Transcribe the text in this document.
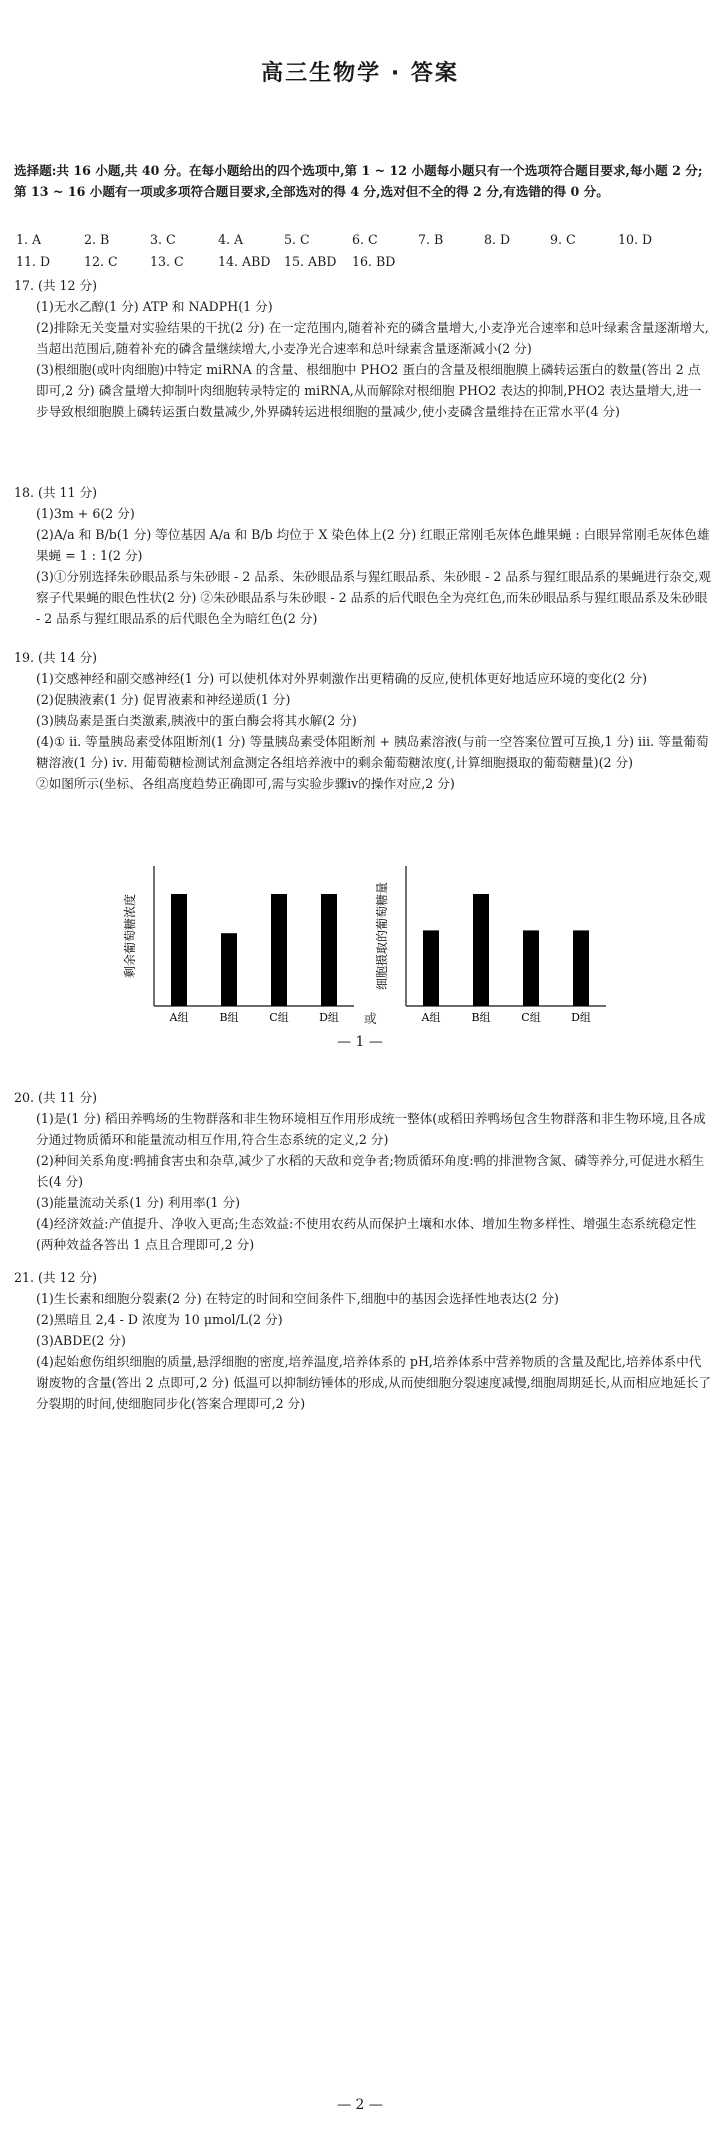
高三生物学 · 答案
选择题:共 16 小题,共 40 分。在每小题给出的四个选项中,第 1 ~ 12 小题每小题只有一个选项符合题目要求,每小题 2 分;第 13 ~ 16 小题有一项或多项符合题目要求,全部选对的得 4 分,选对但不全的得 2 分,有选错的得 0 分。
1. A	2. B	3. C	4. A	5. C	6. C	7. B	8. D	9. C	10. D
11. D	12. C	13. C	14. ABD 15. ABD 16. BD

17. (共 12 分)

(1)无水乙醇(1 分) ATP 和 NADPH(1 分)

(2)排除无关变量对实验结果的干扰(2 分) 在一定范围内,随着补充的磷含量增大,小麦净光合速率和总叶绿素含量逐渐增大,当超出范围后,随着补充的磷含量继续增大,小麦净光合速率和总叶绿素含量逐渐减小(2 分)

(3)根细胞(或叶肉细胞)中特定 miRNA 的含量、根细胞中 PHO2 蛋白的含量及根细胞膜上磷转运蛋白的数量(答出 2 点即可,2 分) 磷含量增大抑制叶肉细胞转录特定的 miRNA,从而解除对根细胞 PHO2 表达的抑制,PHO2 表达量增大,进一步导致根细胞膜上磷转运蛋白数量减少,外界磷转运进根细胞的量减少,使小麦磷含量维持在正常水平(4 分)

18. (共 11 分)

(1)3m + 6(2 分)

(2)A/a 和 B/b(1 分) 等位基因 A/a 和 B/b 均位于 X 染色体上(2 分) 红眼正常刚毛灰体色雌果蝇 : 白眼异常刚毛灰体色雄果蝇 = 1 : 1(2 分)

(3)①分别选择朱砂眼品系与朱砂眼 - 2 品系、朱砂眼品系与猩红眼品系、朱砂眼 - 2 品系与猩红眼品系的果蝇进行杂交,观察子代果蝇的眼色性状(2 分) ②朱砂眼品系与朱砂眼 - 2 品系的后代眼色全为亮红色,而朱砂眼品系与猩红眼品系及朱砂眼 - 2 品系与猩红眼品系的后代眼色全为暗红色(2 分)

19. (共 14 分)

(1)交感神经和副交感神经(1 分) 可以使机体对外界刺激作出更精确的反应,使机体更好地适应环境的变化(2 分)

(2)促胰液素(1 分) 促胃液素和神经递质(1 分)

(3)胰岛素是蛋白类激素,胰液中的蛋白酶会将其水解(2 分)

(4)① ⅱ. 等量胰岛素受体阻断剂(1 分) 等量胰岛素受体阻断剂 + 胰岛素溶液(与前一空答案位置可互换,1 分) ⅲ. 等量葡萄糖溶液(1 分) ⅳ. 用葡萄糖检测试剂盒测定各组培养液中的剩余葡萄糖浓度(,计算细胞摄取的葡萄糖量)(2 分)

②如图所示(坐标、各组高度趋势正确即可,需与实验步骤ⅳ的操作对应,2 分)

剩余葡萄糖浓度
A组	B组	C组	D组
细胞摄取的葡萄糖量
A组	B组	C组	D组
或
— 1 —

20. (共 11 分)

(1)是(1 分) 稻田养鸭场的生物群落和非生物环境相互作用形成统一整体(或稻田养鸭场包含生物群落和非生物环境,且各成分通过物质循环和能量流动相互作用,符合生态系统的定义,2 分)

(2)种间关系角度:鸭捕食害虫和杂草,减少了水稻的天敌和竞争者;物质循环角度:鸭的排泄物含氮、磷等养分,可促进水稻生长(4 分)

(3)能量流动关系(1 分) 利用率(1 分)

(4)经济效益:产值提升、净收入更高;生态效益:不使用农药从而保护土壤和水体、增加生物多样性、增强生态系统稳定性(两种效益各答出 1 点且合理即可,2 分)

21. (共 12 分)

(1)生长素和细胞分裂素(2 分) 在特定的时间和空间条件下,细胞中的基因会选择性地表达(2 分)

(2)黑暗且 2,4 - D 浓度为 10 μmol/L(2 分)

(3)ABDE(2 分)

(4)起始愈伤组织细胞的质量,悬浮细胞的密度,培养温度,培养体系的 pH,培养体系中营养物质的含量及配比,培养体系中代谢废物的含量(答出 2 点即可,2 分) 低温可以抑制纺锤体的形成,从而使细胞分裂速度减慢,细胞周期延长,从而相应地延长了分裂期的时间,使细胞同步化(答案合理即可,2 分)

— 2 —
